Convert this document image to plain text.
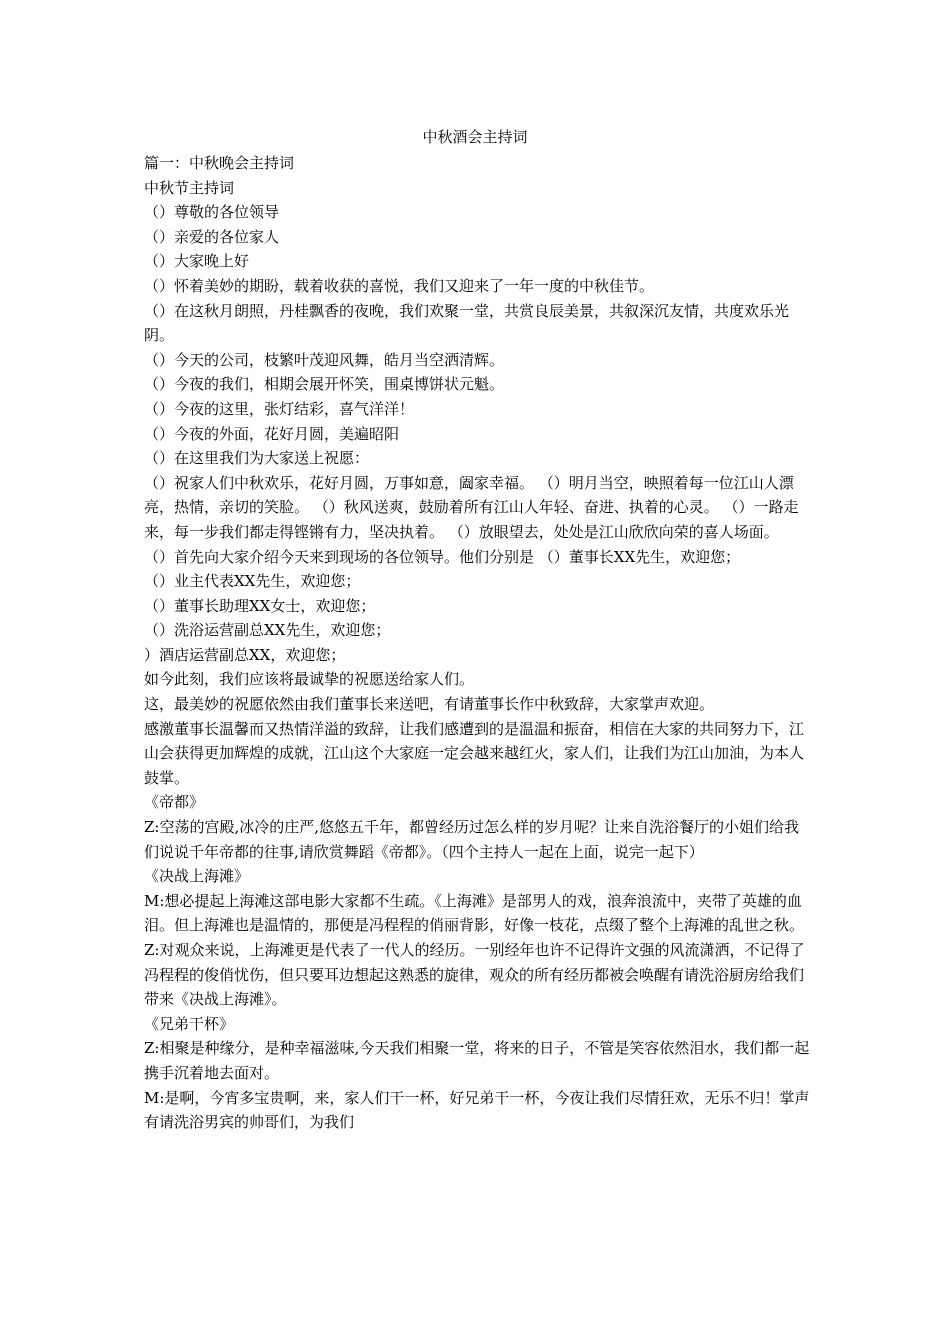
中秋酒会主持词

篇一：中秋晚会主持词

中秋节主持词

（）尊敬的各位领导

（）亲爱的各位家人

（）大家晚上好

（）怀着美妙的期盼，载着收获的喜悦，我们又迎来了一年一度的中秋佳节。

（）在这秋月朗照，丹桂飘香的夜晚，我们欢聚一堂，共赏良辰美景，共叙深沉友情，共度欢乐光阴。

（）今天的公司，枝繁叶茂迎风舞，皓月当空洒清辉。

（）今夜的我们，相期会展开怀笑，围桌博饼状元魁。

（）今夜的这里，张灯结彩，喜气洋洋！

（）今夜的外面，花好月圆，美遍昭阳

（）在这里我们为大家送上祝愿：

（）祝家人们中秋欢乐，花好月圆，万事如意，阖家幸福。 （）明月当空，映照着每一位江山人漂亮，热情，亲切的笑脸。 （）秋风送爽，鼓励着所有江山人年轻、奋进、执着的心灵。 （）一路走来，每一步我们都走得铿锵有力，坚决执着。 （）放眼望去，处处是江山欣欣向荣的喜人场面。

（）首先向大家介绍今天来到现场的各位领导。他们分别是 （）董事长XX先生，欢迎您；

（）业主代表XX先生，欢迎您；

（）董事长助理XX女士，欢迎您；

（）洗浴运营副总XX先生，欢迎您；

）酒店运营副总XX，欢迎您；

如今此刻，我们应该将最诚挚的祝愿送给家人们。

这，最美妙的祝愿依然由我们董事长来送吧，有请董事长作中秋致辞，大家掌声欢迎。

感激董事长温馨而又热情洋溢的致辞，让我们感遭到的是温温和振奋，相信在大家的共同努力下，江山会获得更加辉煌的成就，江山这个大家庭一定会越来越红火，家人们，让我们为江山加油，为本人鼓掌。

《帝都》

Z:空荡的宫殿,冰冷的庄严,悠悠五千年，都曾经历过怎么样的岁月呢？让来自洗浴餐厅的小姐们给我们说说千年帝都的往事,请欣赏舞蹈《帝都》。（四个主持人一起在上面，说完一起下）

《决战上海滩》

M:想必提起上海滩这部电影大家都不生疏。《上海滩》是部男人的戏，浪奔浪流中，夹带了英雄的血泪。但上海滩也是温情的，那便是冯程程的俏丽背影，好像一枝花，点缀了整个上海滩的乱世之秋。

Z:对观众来说，上海滩更是代表了一代人的经历。一别经年也许不记得许文强的风流潇洒，不记得了冯程程的俊俏忧伤，但只要耳边想起这熟悉的旋律，观众的所有经历都被会唤醒有请洗浴厨房给我们带来《决战上海滩》。

《兄弟干杯》

Z:相聚是种缘分，是种幸福滋味,今天我们相聚一堂，将来的日子，不管是笑容依然泪水，我们都一起携手沉着地去面对。

M:是啊，今宵多宝贵啊，来，家人们干一杯，好兄弟干一杯，今夜让我们尽情狂欢，无乐不归！掌声有请洗浴男宾的帅哥们，为我们
